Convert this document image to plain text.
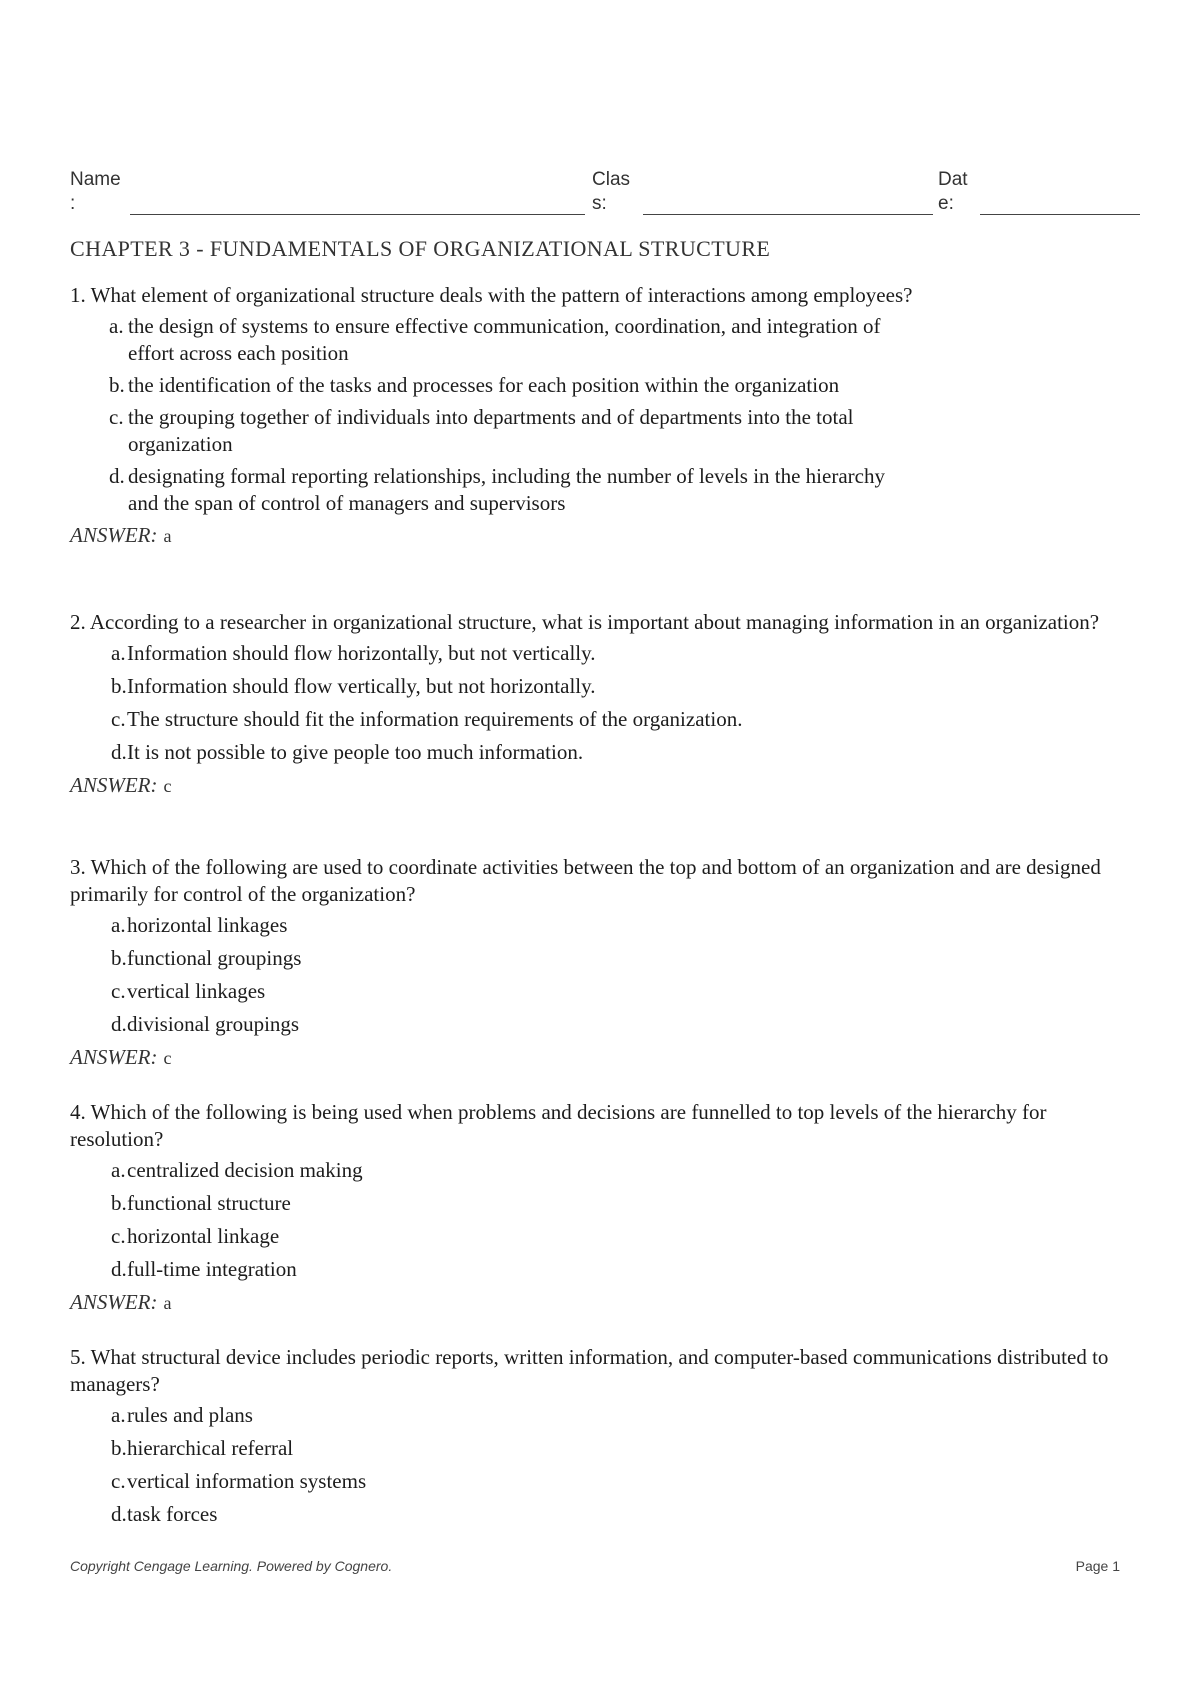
Name
:
Clas
s:
Dat
e:
CHAPTER 3 - FUNDAMENTALS OF ORGANIZATIONAL STRUCTURE

1. What element of organizational structure deals with the pattern of interactions among employees?

a. the design of systems to ensure effective communication, coordination, and integration of effort across each position
b. the identification of the tasks and processes for each position within the organization
c. the grouping together of individuals into departments and of departments into the total organization
d. designating formal reporting relationships, including the number of levels in the hierarchy and the span of control of managers and supervisors
ANSWER: a

2. According to a researcher in organizational structure, what is important about managing information in an organization?

a. Information should flow horizontally, but not vertically.
b. Information should flow vertically, but not horizontally.
c. The structure should fit the information requirements of the organization.
d. It is not possible to give people too much information.
ANSWER: c

3. Which of the following are used to coordinate activities between the top and bottom of an organization and are designed primarily for control of the organization?

a. horizontal linkages
b. functional groupings
c. vertical linkages
d. divisional groupings
ANSWER: c

4. Which of the following is being used when problems and decisions are funnelled to top levels of the hierarchy for resolution?

a. centralized decision making
b. functional structure
c. horizontal linkage
d. full-time integration
ANSWER: a

5. What structural device includes periodic reports, written information, and computer-based communications distributed to managers?

a. rules and plans
b. hierarchical referral
c. vertical information systems
d. task forces
Copyright Cengage Learning. Powered by Cognero.	Page 1
